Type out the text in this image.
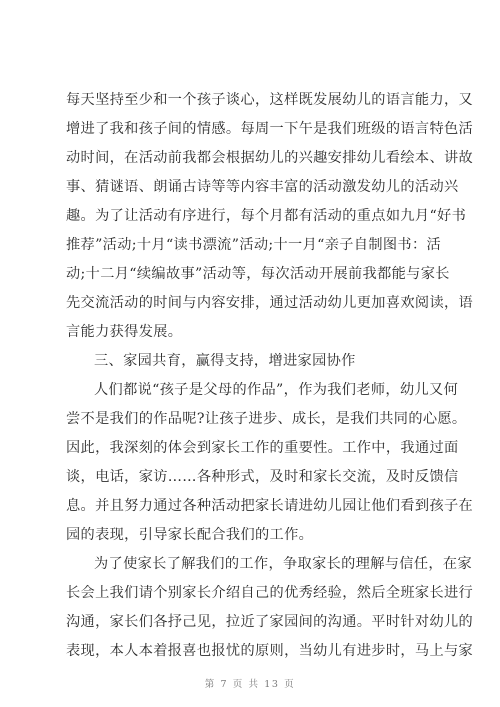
每天坚持至少和一个孩子谈心，这样既发展幼儿的语言能力，又
增进了我和孩子间的情感。每周一下午是我们班级的语言特色活
动时间，在活动前我都会根据幼儿的兴趣安排幼儿看绘本、讲故
事、猜谜语、朗诵古诗等等内容丰富的活动激发幼儿的活动兴
趣。为了让活动有序进行，每个月都有活动的重点如九月“好书
推荐”活动;十月“读书漂流”活动;十一月“亲子自制图书：活
动;十二月“续编故事”活动等，每次活动开展前我都能与家长
先交流活动的时间与内容安排，通过活动幼儿更加喜欢阅读，语
言能力获得发展。
三、家园共育，赢得支持，增进家园协作
人们都说“孩子是父母的作品”，作为我们老师，幼儿又何
尝不是我们的作品呢?让孩子进步、成长，是我们共同的心愿。
因此，我深刻的体会到家长工作的重要性。工作中，我通过面
谈，电话，家访……各种形式，及时和家长交流，及时反馈信
息。并且努力通过各种活动把家长请进幼儿园让他们看到孩子在
园的表现，引导家长配合我们的工作。
为了使家长了解我们的工作，争取家长的理解与信任，在家
长会上我们请个别家长介绍自己的优秀经验，然后全班家长进行
沟通，家长们各抒己见，拉近了家园间的沟通。平时针对幼儿的
表现，本人本着报喜也报忧的原则，当幼儿有进步时，马上与家
第 7 页 共 13 页
